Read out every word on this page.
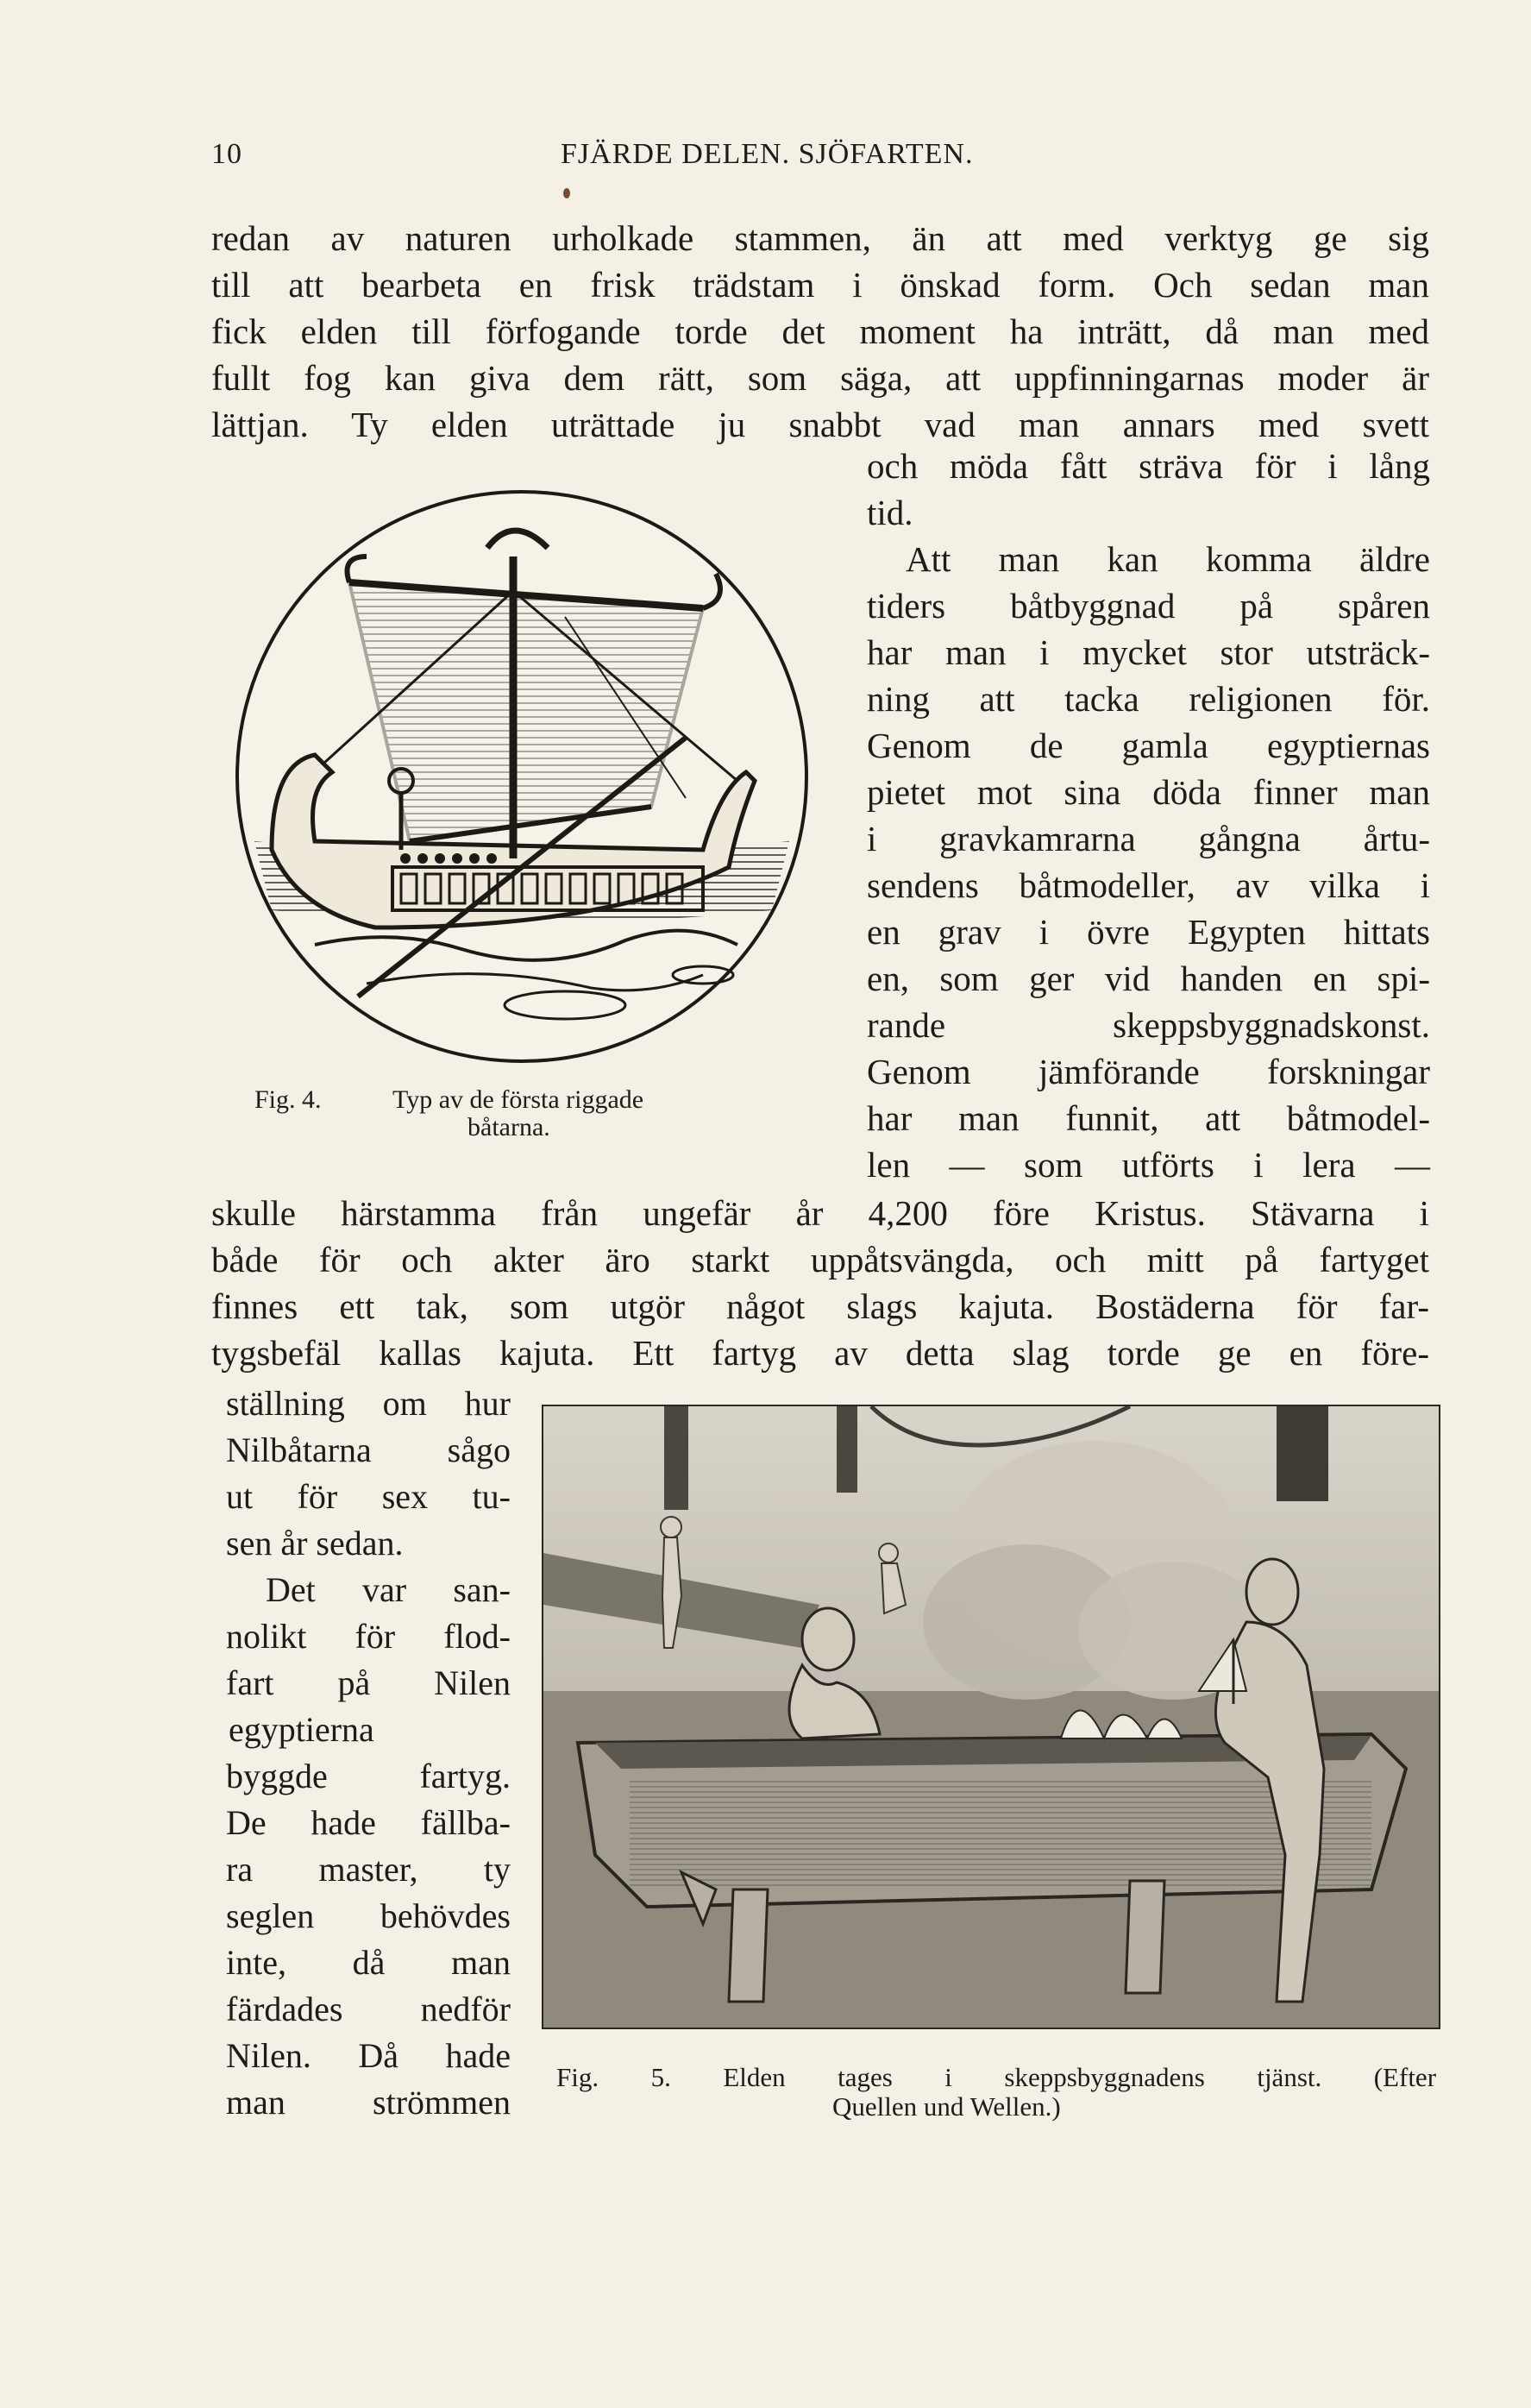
10	FJÄRDE DELEN. SJÖFARTEN.
redan av naturen urholkade stammen, än att med verktyg ge sig
till att bearbeta en frisk trädstam i önskad form. Och sedan man
fick elden till förfogande torde det moment ha inträtt, då man med
fullt fog kan giva dem rätt, som säga, att uppfinningarnas moder är
lättjan. Ty elden uträttade ju snabbt vad man annars med svett
och möda fått sträva för i lång
tid.
Att man kan komma äldre
tiders båtbyggnad på spåren
har man i mycket stor utsträck-
ning att tacka religionen för.
Genom de gamla egyptiernas
pietet mot sina döda finner man
i gravkamrarna gångna årtu-
sendens båtmodeller, av vilka i
en grav i övre Egypten hittats
en, som ger vid handen en spi-
rande skeppsbyggnadskonst.
Genom jämförande forskningar
har man funnit, att båtmodel-
len — som utförts i lera —
Fig. 4.	Typ av de första riggade
båtarna.
skulle härstamma från ungefär år 4,200 före Kristus. Stävarna i
både för och akter äro starkt uppåtsvängda, och mitt på fartyget
finnes ett tak, som utgör något slags kajuta. Bostäderna för far-
tygsbefäl kallas kajuta. Ett fartyg av detta slag torde ge en före-
ställning om hur
Nilbåtarna sågo
ut för sex tu-
sen år sedan.
Det var san-
nolikt för flod-
fart på Nilen
egyptierna
byggde fartyg.
De hade fällba-
ra master, ty
seglen behövdes
inte, då man
färdades nedför
Nilen. Då hade
man strömmen
Fig. 5. Elden tages i skeppsbyggnadens tjänst. (Efter
Quellen und Wellen.)
